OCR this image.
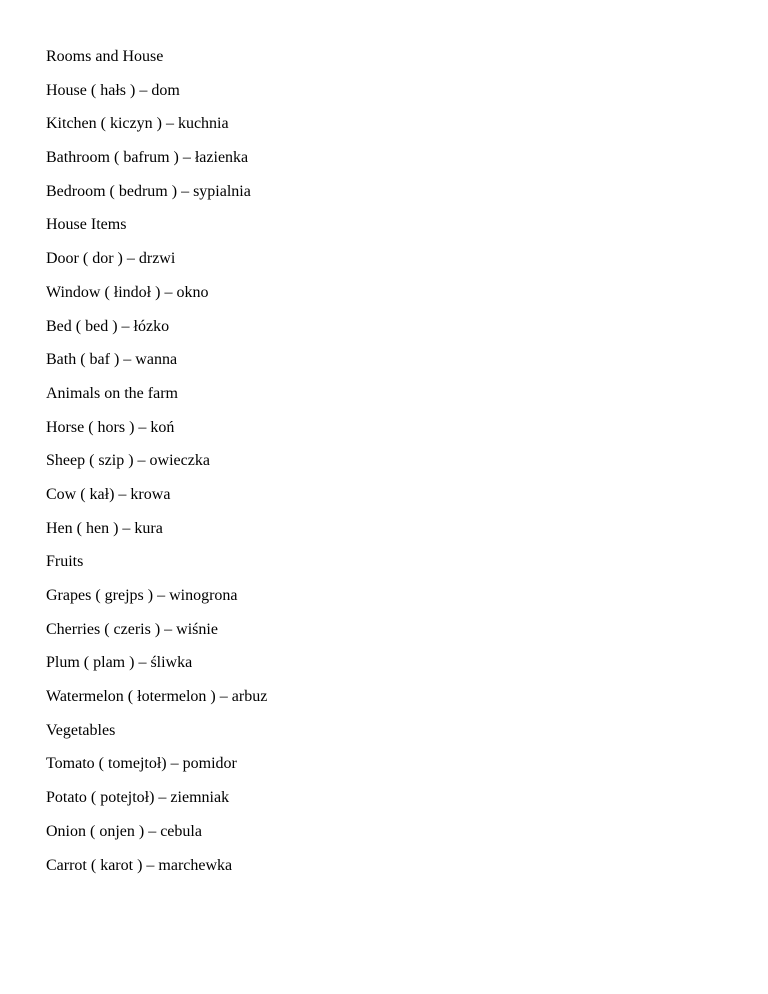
Rooms and House
House ( hałs ) – dom
Kitchen ( kiczyn ) – kuchnia
Bathroom ( bafrum ) – łazienka
Bedroom ( bedrum ) – sypialnia
House Items
Door ( dor ) – drzwi
Window ( łindoł ) – okno
Bed ( bed ) – łózko
Bath ( baf ) – wanna
Animals on the farm
Horse ( hors ) – koń
Sheep ( szip ) – owieczka
Cow ( kał) – krowa
Hen ( hen ) – kura
Fruits
Grapes ( grejps ) – winogrona
Cherries ( czeris ) – wiśnie
Plum ( plam ) – śliwka
Watermelon ( łotermelon ) – arbuz
Vegetables
Tomato ( tomejtoł) – pomidor
Potato ( potejtoł) – ziemniak
Onion ( onjen ) – cebula
Carrot ( karot ) – marchewka
